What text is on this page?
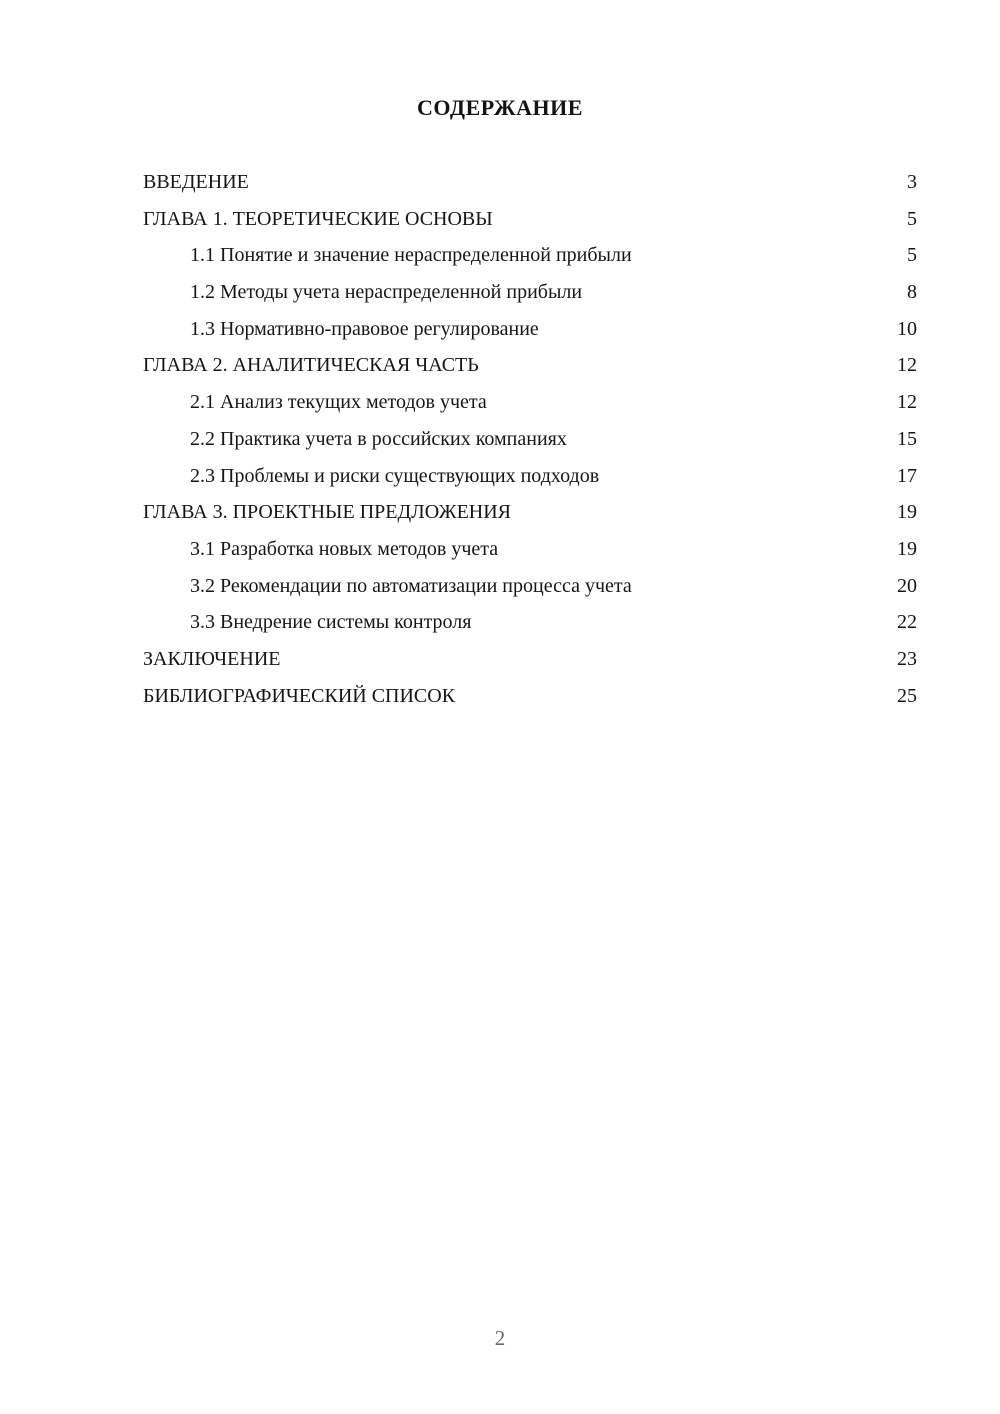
СОДЕРЖАНИЕ
ВВЕДЕНИЕ	3
ГЛАВА 1. ТЕОРЕТИЧЕСКИЕ ОСНОВЫ	5
1.1 Понятие и значение нераспределенной прибыли	5
1.2 Методы учета нераспределенной прибыли	8
1.3 Нормативно-правовое регулирование	10
ГЛАВА 2. АНАЛИТИЧЕСКАЯ ЧАСТЬ	12
2.1 Анализ текущих методов учета	12
2.2 Практика учета в российских компаниях	15
2.3 Проблемы и риски существующих подходов	17
ГЛАВА 3. ПРОЕКТНЫЕ ПРЕДЛОЖЕНИЯ	19
3.1 Разработка новых методов учета	19
3.2 Рекомендации по автоматизации процесса учета	20
3.3 Внедрение системы контроля	22
ЗАКЛЮЧЕНИЕ	23
БИБЛИОГРАФИЧЕСКИЙ СПИСОК	25
2
